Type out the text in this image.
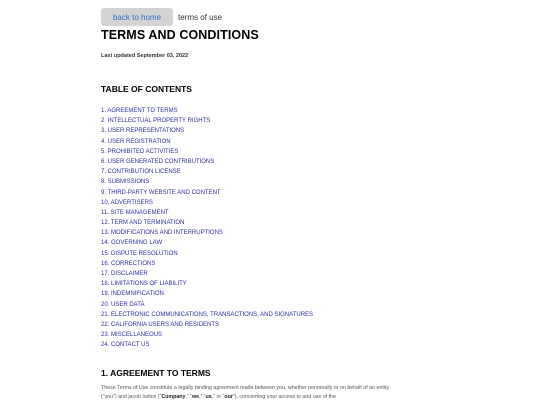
back to home	terms of use
TERMS AND CONDITIONS
Last updated September 03, 2022
TABLE OF CONTENTS
1. AGREEMENT TO TERMS
2. INTELLECTUAL PROPERTY RIGHTS
3. USER REPRESENTATIONS
4. USER REGISTRATION
5. PROHIBITED ACTIVITIES
6. USER GENERATED CONTRIBUTIONS
7. CONTRIBUTION LICENSE
8. SUBMISSIONS
9. THIRD-PARTY WEBSITE AND CONTENT
10. ADVERTISERS
11. SITE MANAGEMENT
12. TERM AND TERMINATION
13. MODIFICATIONS AND INTERRUPTIONS
14. GOVERNING LAW
15. DISPUTE RESOLUTION
16. CORRECTIONS
17. DISCLAIMER
18. LIMITATIONS OF LIABILITY
19. INDEMNIFICATION
20. USER DATA
21. ELECTRONIC COMMUNICATIONS, TRANSACTIONS, AND SIGNATURES
22. CALIFORNIA USERS AND RESIDENTS
23. MISCELLANEOUS
24. CONTACT US
1. AGREEMENT TO TERMS

These Terms of Use constitute a legally binding agreement made between you, whether personally or on behalf of an entity
(“you”) and jacob lodice (“Company,” “we,” “us,” or “our”), concerning your access to and use of the
